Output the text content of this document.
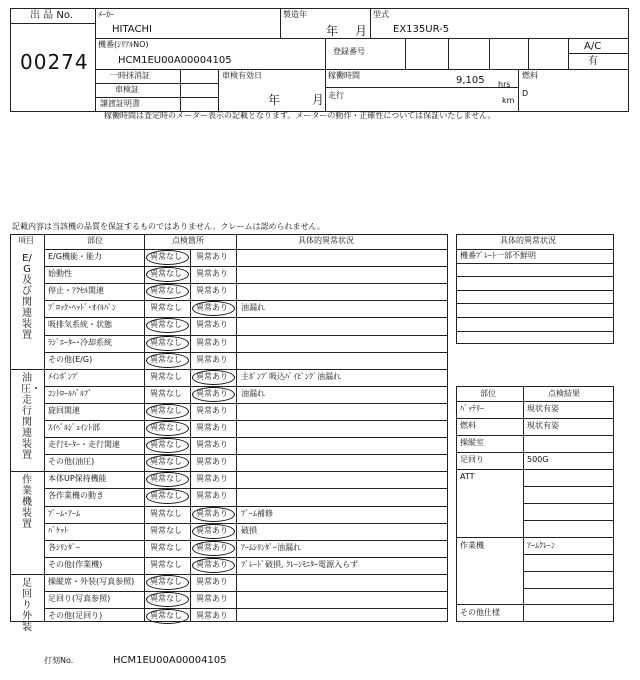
出 品 No.
00274
ﾒｰｶｰ
HITACHI
製造年
年 月
型式
EX135UR-5
機番(ｼﾘｱﾙNO)
HCM1EU00A00004105
登録番号	A/C
有
一時抹消証
車検証
譲渡証明書
車検有効日
年	月
稼働時間	9,105 hrs
走行
km
燃料
D
稼働時間は査定時のメーター表示の記載となります。メーターの動作・正確性については保証いたしません。
記載内容は当該機の品質を保証するものではありません。クレームは認められません。
項目	部位	点検箇所	具体的異常状況
E/G及び関連装置
E/G機能・能力	異常なし 異常あり
始動性	異常なし 異常あり
停止・ｱｸｾﾙ関連	異常なし 異常あり
ﾌﾞﾛｯｸ･ﾍｯﾄﾞ･ｵｲﾙﾊﾟﾝ	異常なし 異常あり 油漏れ
吸排気系統・状態	異常なし 異常あり
ﾗｼﾞｴｰﾀｰ･冷却系統	異常なし 異常あり
その他(E/G)	異常なし 異常あり
油圧・走行関連装置
ﾒｲﾝﾎﾟﾝﾌﾟ	異常なし 異常あり 主ﾎﾟﾝﾌﾟ吸込ﾊﾟｲﾋﾟﾝｸﾞ油漏れ
ｺﾝﾄﾛｰﾙﾊﾞﾙﾌﾞ	異常なし 異常あり 油漏れ
旋回関連	異常なし 異常あり
ｽｲﾍﾞﾙｼﾞｮｲﾝﾄ部	異常なし 異常あり
走行ﾓｰﾀｰ・走行関連	異常なし 異常あり
その他(油圧)	異常なし 異常あり
作業機装置
本体UP保持機能	異常なし 異常あり
各作業機の動き	異常なし 異常あり
ﾌﾞｰﾑ･ｱｰﾑ	異常なし 異常あり ﾌﾞｰﾑ補修
ﾊﾞｹｯﾄ	異常なし 異常あり 破損
各ｼﾘﾝﾀﾞｰ	異常なし 異常あり ｱｰﾑｼﾘﾝﾀﾞｰ油漏れ
その他(作業機)	異常なし 異常あり ﾌﾞﾚｰﾄﾞ破損, ｸﾚｰﾝﾓﾆﾀｰ電源入らず
足回り外装
操縦席・外装(写真参照) 異常なし 異常あり
足回り(写真参照)	異常なし 異常あり
その他(足回り)	異常なし 異常あり
具体的異常状況
機番ﾌﾟﾚｰﾄ一部不鮮明
部位	点検結果
ﾊﾞｯﾃﾘｰ	現状有姿
燃料	現状有姿
操縦室
足回り	500G
ATT
作業機	ｱｰﾑｸﾚｰﾝ
その他仕様
打刻No.	HCM1EU00A00004105
